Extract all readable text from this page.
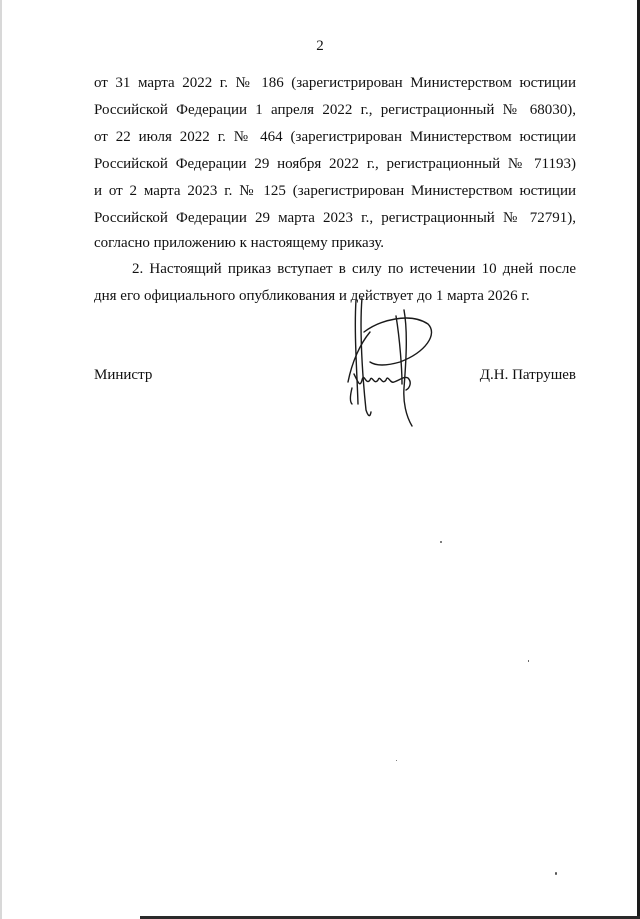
2
от 31 марта 2022 г. № 186 (зарегистрирован Министерством юстиции
Российской Федерации 1 апреля 2022 г., регистрационный № 68030),
от 22 июля 2022 г. № 464 (зарегистрирован Министерством юстиции
Российской Федерации 29 ноября 2022 г., регистрационный № 71193)
и от 2 марта 2023 г. № 125 (зарегистрирован Министерством юстиции
Российской Федерации 29 марта 2023 г., регистрационный № 72791),
согласно приложению к настоящему приказу.
2. Настоящий приказ вступает в силу по истечении 10 дней после
дня его официального опубликования и действует до 1 марта 2026 г.
Министр	Д.Н. Патрушев
